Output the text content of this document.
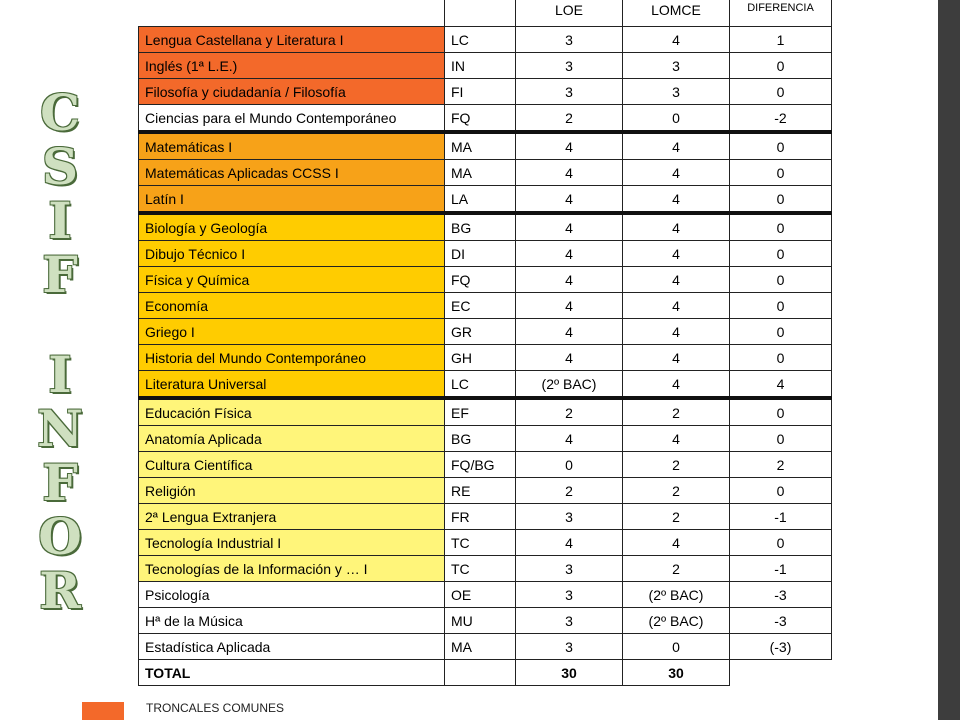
C
S
I
F
I
N
F
O
R
		LOE	LOMCE	DIFERENCIA
Lengua Castellana y Literatura I	LC	3	4	1
Inglés (1ª L.E.)	IN	3	3	0
Filosofía y ciudadanía / Filosofía	FI	3	3	0
Ciencias para el Mundo Contemporáneo	FQ	2	0	-2
Matemáticas I	MA	4	4	0
Matemáticas Aplicadas CCSS I	MA	4	4	0
Latín I	LA	4	4	0
Biología y Geología	BG	4	4	0
Dibujo Técnico I	DI	4	4	0
Física y Química	FQ	4	4	0
Economía	EC	4	4	0
Griego I	GR	4	4	0
Historia del Mundo Contemporáneo	GH	4	4	0
Literatura Universal	LC	(2º BAC)	4	4
Educación Física	EF	2	2	0
Anatomía Aplicada	BG	4	4	0
Cultura Científica	FQ/BG	0	2	2
Religión	RE	2	2	0
2ª Lengua Extranjera	FR	3	2	-1
Tecnología Industrial I	TC	4	4	0
Tecnologías de la Información y … I	TC	3	2	-1
Psicología	OE	3	(2º BAC)	-3
Hª de la Música	MU	3	(2º BAC)	-3
Estadística Aplicada	MA	3	0	(-3)
TOTAL		30	30	
TRONCALES COMUNES
